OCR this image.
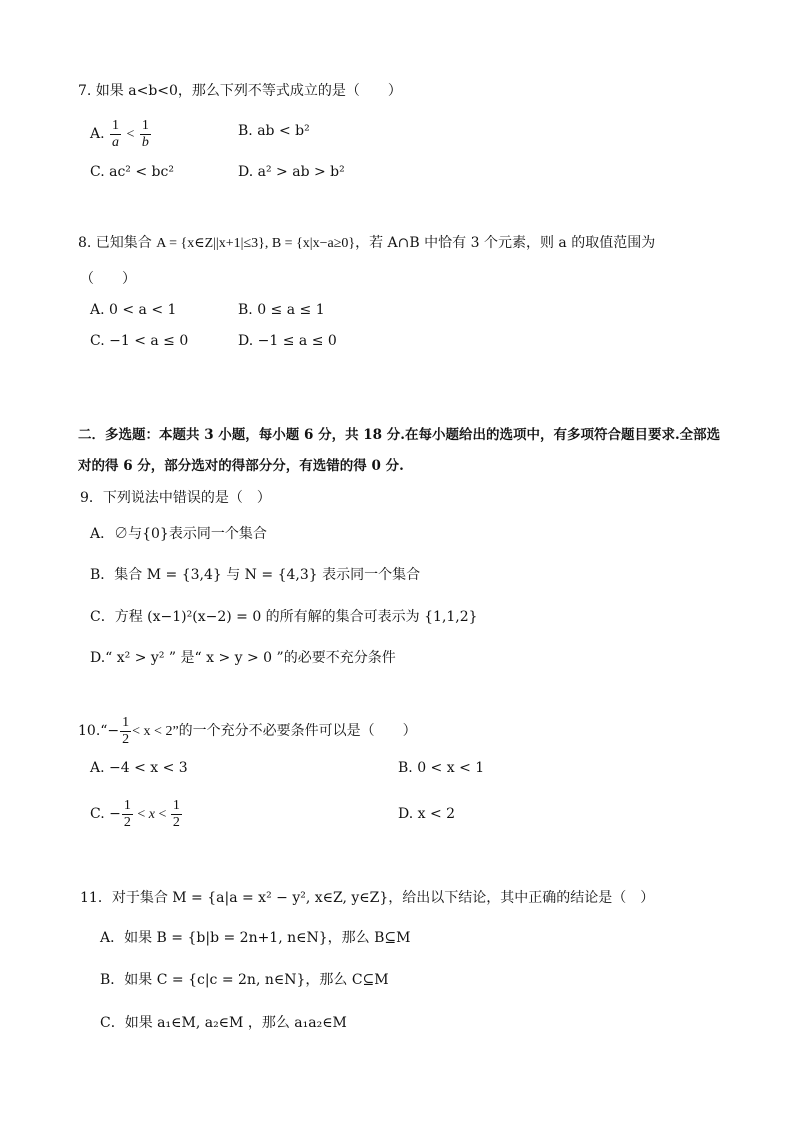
7. 如果 a<b<0，那么下列不等式成立的是（　　）
A. $\frac{1}{a} < \frac{1}{b}$	B. ab < b²
C. ac² < bc²	D. a² > ab > b²
8. 已知集合 A = {x∈Z||x+1|≤3}, B = {x|x−a≥0}，若 A∩B 中恰有 3 个元素，则 a 的取值范围为
（　　）
A. 0 < a < 1	B. 0 ≤ a ≤ 1
C. −1 < a ≤ 0	D. −1 ≤ a ≤ 0
二．多选题：本题共 3 小题，每小题 6 分，共 18 分.在每小题给出的选项中，有多项符合题目要求.全部选
对的得 6 分，部分选对的得部分分，有选错的得 0 分.
9．下列说法中错误的是（　）
A．∅与{0}表示同一个集合
B．集合 M = {3,4} 与 N = {4,3} 表示同一个集合
C．方程 (x−1)²(x−2) = 0 的所有解的集合可表示为 {1,1,2}
D.“ x² > y² ” 是“ x > y > 0 ”的必要不充分条件
10.“− $\frac{1}{2} < x < 2$”的一个充分不必要条件可以是（　　）
A. −4 < x < 3	B. 0 < x < 1
C. − $\frac{1}{2} < x < \frac{1}{2}$	D. x < 2
11．对于集合 M = {a|a = x² − y², x∈Z, y∈Z}，给出以下结论，其中正确的结论是（　）
A．如果 B = {b|b = 2n+1, n∈N}，那么 B⊆M
B．如果 C = {c|c = 2n, n∈N}，那么 C⊆M
C．如果 a₁∈M, a₂∈M ，那么 a₁a₂∈M
